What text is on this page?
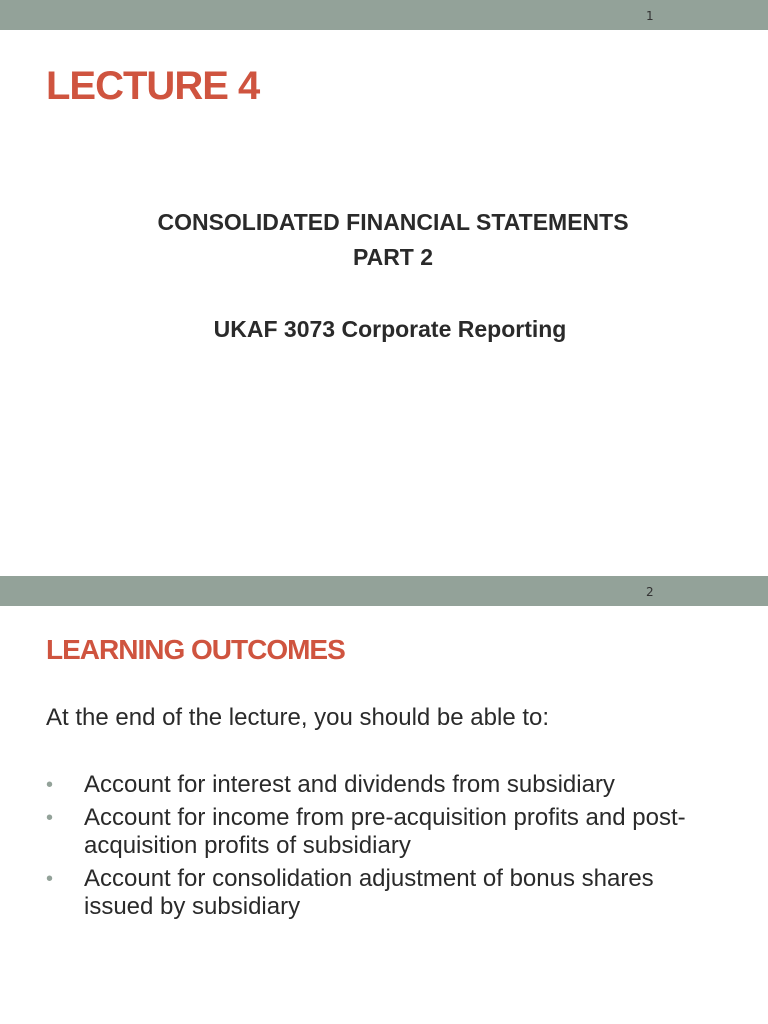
1
LECTURE 4
CONSOLIDATED FINANCIAL STATEMENTS
PART 2
UKAF 3073 Corporate Reporting
2
LEARNING OUTCOMES
At the end of the lecture, you should be able to:
• Account for interest and dividends from subsidiary
• Account for income from pre-acquisition profits and post-acquisition profits of subsidiary
• Account for consolidation adjustment of bonus shares issued by subsidiary
